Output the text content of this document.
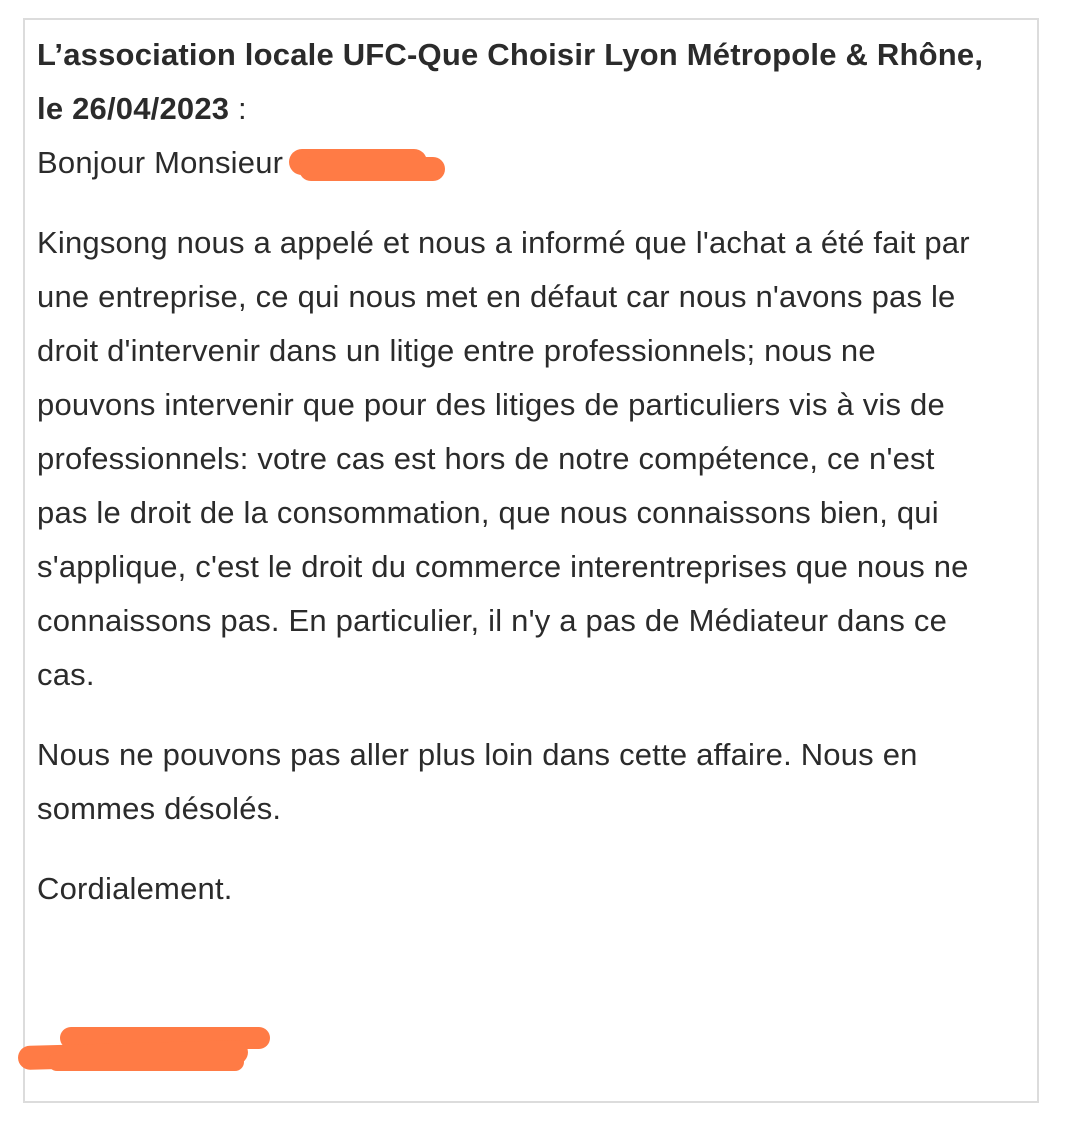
L’association locale UFC-Que Choisir Lyon Métropole & Rhône, le 26/04/2023 :

Bonjour Monsieur

Kingsong nous a appelé et nous a informé que l'achat a été fait par une entreprise, ce qui nous met en défaut car nous n'avons pas le droit d'intervenir dans un litige entre professionnels; nous ne pouvons intervenir que pour des litiges de particuliers vis à vis de professionnels: votre cas est hors de notre compétence, ce n'est pas le droit de la consommation, que nous connaissons bien, qui s'applique, c'est le droit du commerce interentreprises que nous ne connaissons pas. En particulier, il n'y a pas de Médiateur dans ce cas.

Nous ne pouvons pas aller plus loin dans cette affaire. Nous en sommes désolés.

Cordialement.
